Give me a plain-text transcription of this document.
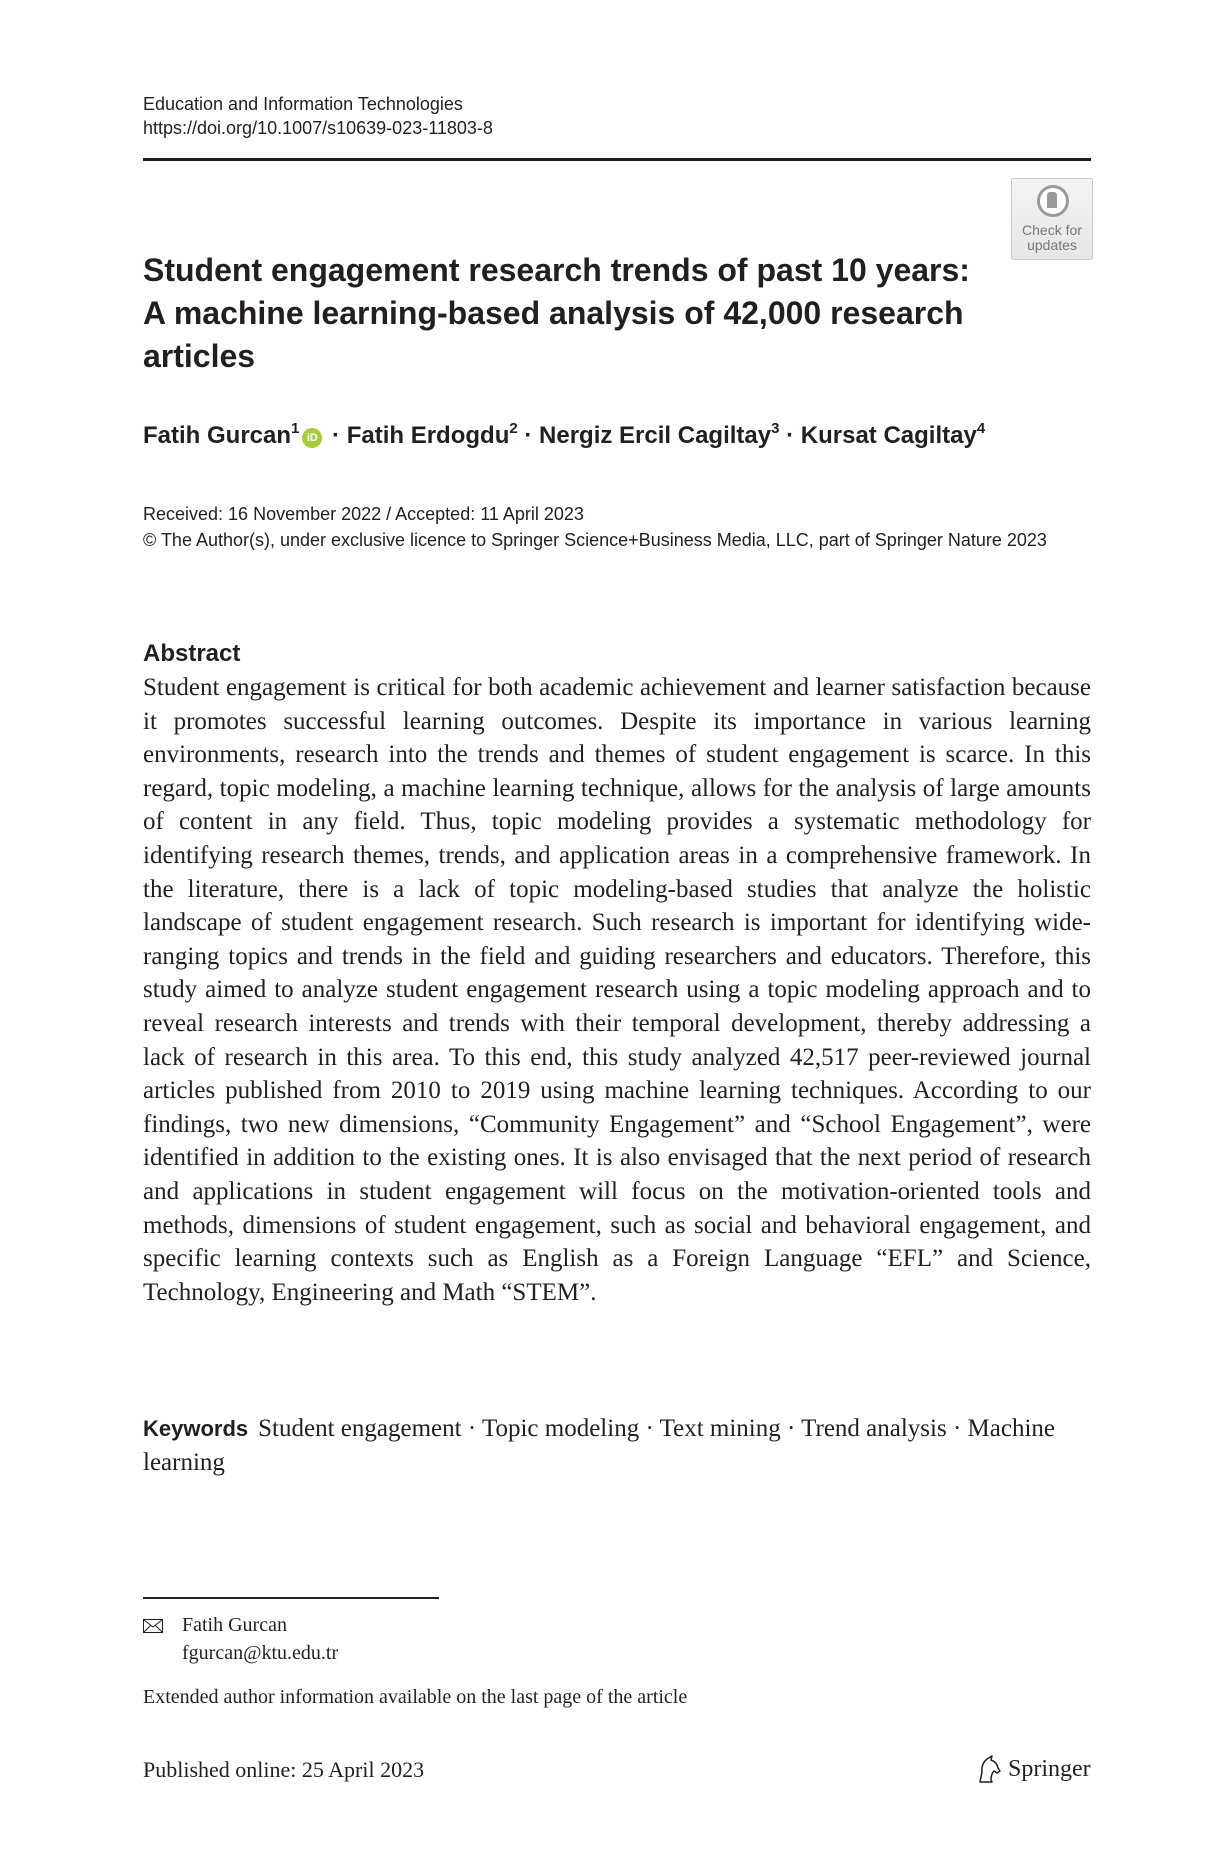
Education and Information Technologies
https://doi.org/10.1007/s10639-023-11803-8
Check for
updates
Student engagement research trends of past 10 years: A machine learning-based analysis of 42,000 research articles
Fatih Gurcan$^1$iD · Fatih Erdogdu$^2$ · Nergiz Ercil Cagiltay$^3$ · Kursat Cagiltay$^4$
Received: 16 November 2022 / Accepted: 11 April 2023
© The Author(s), under exclusive licence to Springer Science+Business Media, LLC, part of Springer Nature 2023
Abstract
Student engagement is critical for both academic achievement and learner satisfaction because it promotes successful learning outcomes. Despite its importance in various learning environments, research into the trends and themes of student engagement is scarce. In this regard, topic modeling, a machine learning technique, allows for the analysis of large amounts of content in any field. Thus, topic modeling provides a systematic methodology for identifying research themes, trends, and application areas in a comprehensive framework. In the literature, there is a lack of topic modeling-based studies that analyze the holistic landscape of student engagement research. Such research is important for identifying wide-ranging topics and trends in the field and guiding researchers and educators. Therefore, this study aimed to analyze student engagement research using a topic modeling approach and to reveal research interests and trends with their temporal development, thereby addressing a lack of research in this area. To this end, this study analyzed 42,517 peer-reviewed journal articles published from 2010 to 2019 using machine learning techniques. According to our findings, two new dimensions, “Community Engagement” and “School Engagement”, were identified in addition to the existing ones. It is also envisaged that the next period of research and applications in student engagement will focus on the motivation-oriented tools and methods, dimensions of student engagement, such as social and behavioral engagement, and specific learning contexts such as English as a Foreign Language “EFL” and Science, Technology, Engineering and Math “STEM”.
Keywords Student engagement · Topic modeling · Text mining · Trend analysis · Machine learning
Fatih Gurcan
fgurcan@ktu.edu.tr
Extended author information available on the last page of the article
Published online: 25 April 2023	Springer
